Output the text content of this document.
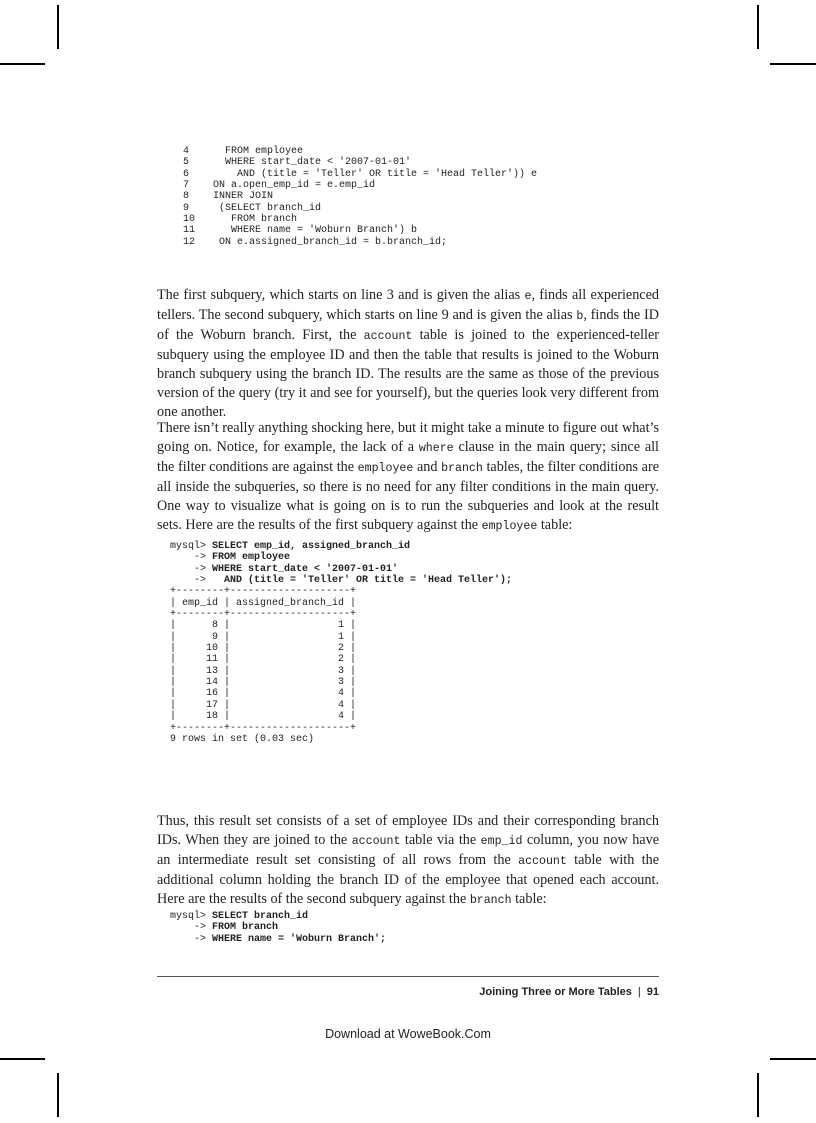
4      FROM employee
5      WHERE start_date < '2007-01-01'
6        AND (title = 'Teller' OR title = 'Head Teller')) e
7    ON a.open_emp_id = e.emp_id
8    INNER JOIN
9     (SELECT branch_id
10      FROM branch
11      WHERE name = 'Woburn Branch') b
12    ON e.assigned_branch_id = b.branch_id;

The first subquery, which starts on line 3 and is given the alias e, finds all experienced tellers. The second subquery, which starts on line 9 and is given the alias b, finds the ID of the Woburn branch. First, the account table is joined to the experienced-teller subquery using the employee ID and then the table that results is joined to the Woburn branch subquery using the branch ID. The results are the same as those of the previous version of the query (try it and see for yourself), but the queries look very different from one another.

There isn’t really anything shocking here, but it might take a minute to figure out what’s going on. Notice, for example, the lack of a where clause in the main query; since all the filter conditions are against the employee and branch tables, the filter conditions are all inside the subqueries, so there is no need for any filter conditions in the main query. One way to visualize what is going on is to run the subqueries and look at the result sets. Here are the results of the first subquery against the employee table:

mysql> SELECT emp_id, assigned_branch_id
-> FROM employee
-> WHERE start_date < '2007-01-01'
->   AND (title = 'Teller' OR title = 'Head Teller');
+--------+--------------------+
| emp_id | assigned_branch_id |
+--------+--------------------+
|      8 |                  1 |
|      9 |                  1 |
|     10 |                  2 |
|     11 |                  2 |
|     13 |                  3 |
|     14 |                  3 |
|     16 |                  4 |
|     17 |                  4 |
|     18 |                  4 |
+--------+--------------------+
9 rows in set (0.03 sec)

Thus, this result set consists of a set of employee IDs and their corresponding branch IDs. When they are joined to the account table via the emp_id column, you now have an intermediate result set consisting of all rows from the account table with the additional column holding the branch ID of the employee that opened each account. Here are the results of the second subquery against the branch table:

mysql> SELECT branch_id
-> FROM branch
-> WHERE name = 'Woburn Branch';
Joining Three or More Tables | 91
Download at WoweBook.Com
